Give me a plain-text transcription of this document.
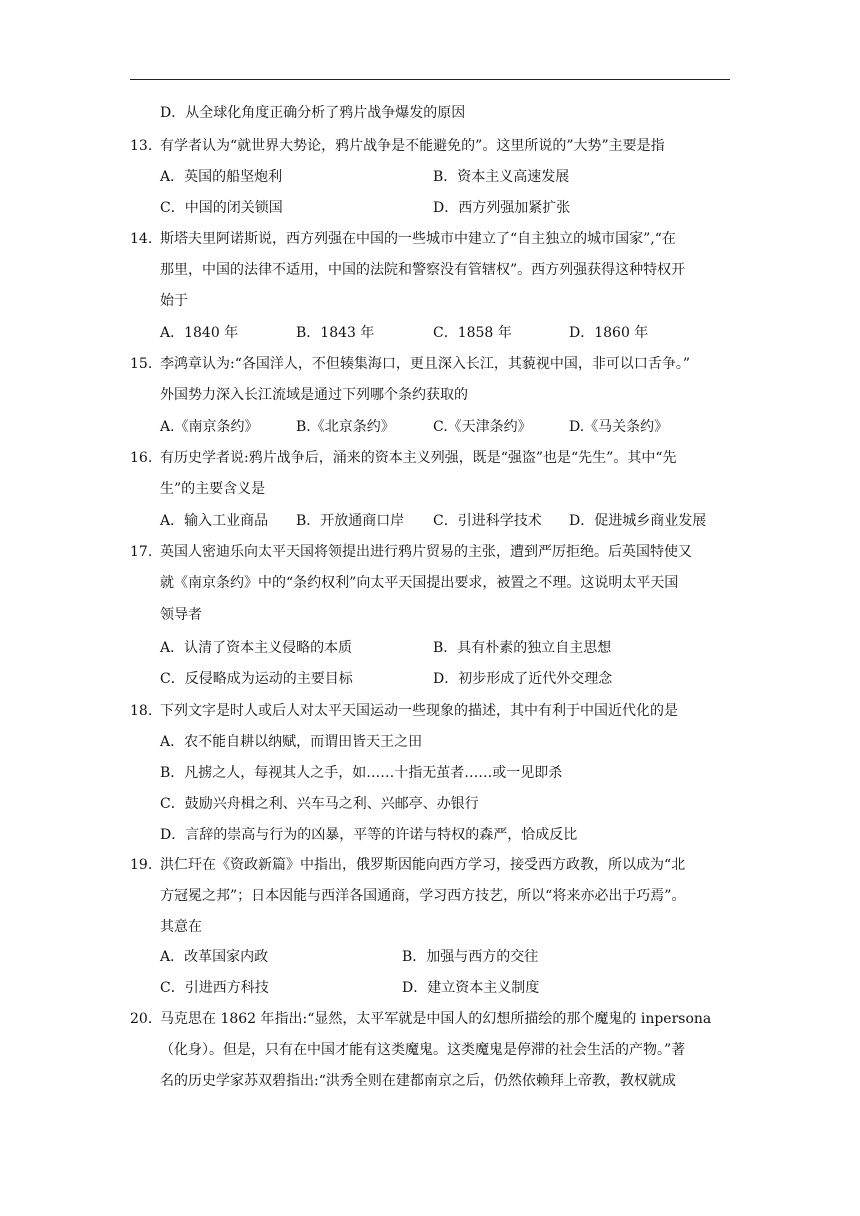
D．从全球化角度正确分析了鸦片战争爆发的原因
13. 有学者认为“就世界大势论，鸦片战争是不能避免的”。这里所说的”大势”主要是指
A．英国的船坚炮利	B．资本主义高速发展
C．中国的闭关锁国	D．西方列强加紧扩张
14. 斯塔夫里阿诺斯说，西方列强在中国的一些城市中建立了“自主独立的城市国家”,“在
那里，中国的法律不适用，中国的法院和警察没有管辖权”。西方列强获得这种特权开
始于
A．1840 年	B．1843 年	C．1858 年	D．1860 年
15. 李鸿章认为:“各国洋人，不但辏集海口，更且深入长江，其藐视中国，非可以口舌争。”
外国势力深入长江流域是通过下列哪个条约获取的
A.《南京条约》	B.《北京条约》	C.《天津条约》	D.《马关条约》
16. 有历史学者说:鸦片战争后，涌来的资本主义列强，既是“强盗”也是“先生”。其中“先
生”的主要含义是
A．输入工业商品 B．开放通商口岸 C．引进科学技术 D．促进城乡商业发展
17. 英国人密迪乐向太平天国将领提出进行鸦片贸易的主张，遭到严厉拒绝。后英国特使又
就《南京条约》中的“条约权利”向太平天国提出要求，被置之不理。这说明太平天国
领导者
A．认清了资本主义侵略的本质	B．具有朴素的独立自主思想
C．反侵略成为运动的主要目标	D．初步形成了近代外交理念
18. 下列文字是时人或后人对太平天国运动一些现象的描述，其中有利于中国近代化的是
A．农不能自耕以纳赋，而谓田皆天王之田
B．凡掳之人，每视其人之手，如……十指无茧者……或一见即杀
C．鼓励兴舟楫之利、兴车马之利、兴邮亭、办银行
D．言辞的崇高与行为的凶暴，平等的许诺与特权的森严，恰成反比
19. 洪仁玕在《资政新篇》中指出，俄罗斯因能向西方学习，接受西方政教，所以成为“北
方冠冕之邦”；日本因能与西洋各国通商，学习西方技艺，所以“将来亦必出于巧焉”。
其意在
A．改革国家内政	B．加强与西方的交往
C．引进西方科技	D．建立资本主义制度
20. 马克思在 1862 年指出:“显然，太平军就是中国人的幻想所描绘的那个魔鬼的 inpersona
（化身）。但是，只有在中国才能有这类魔鬼。这类魔鬼是停滞的社会生活的产物。”著
名的历史学家苏双碧指出:“洪秀全则在建都南京之后，仍然依赖拜上帝教，教权就成
